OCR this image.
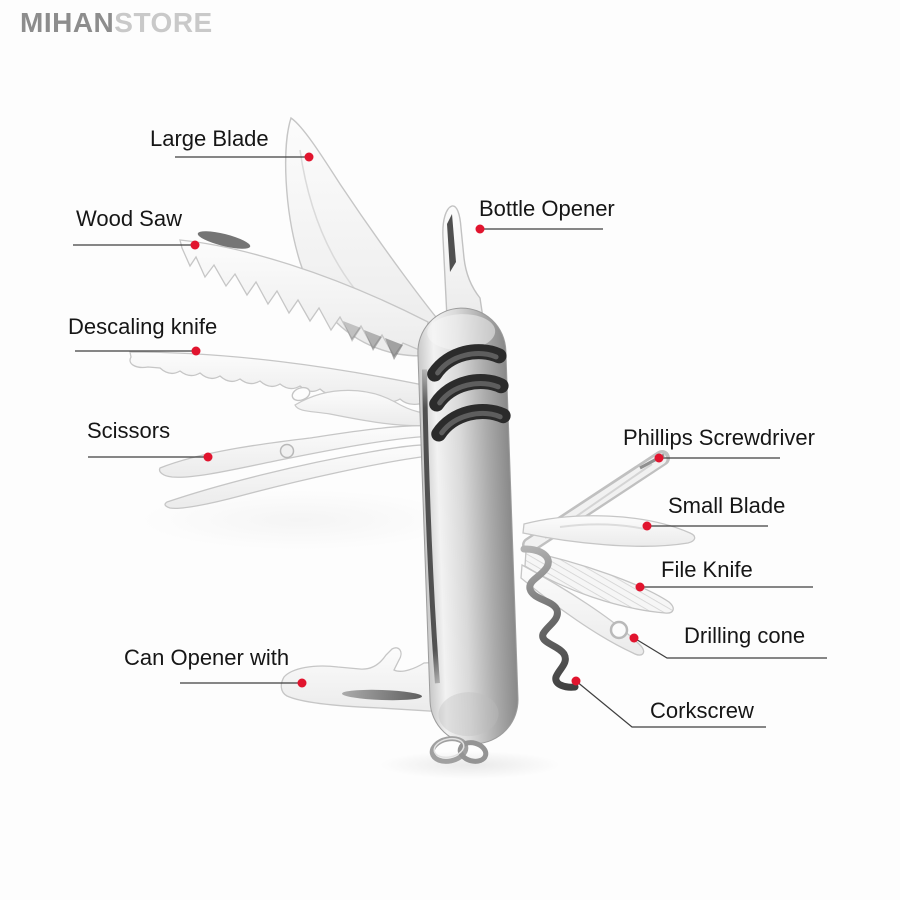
MIHANSTORE
Large Blade
Wood Saw
Descaling knife
Scissors
Can Opener with
Bottle Opener
Phillips Screwdriver
Small Blade
File Knife
Drilling cone
Corkscrew
